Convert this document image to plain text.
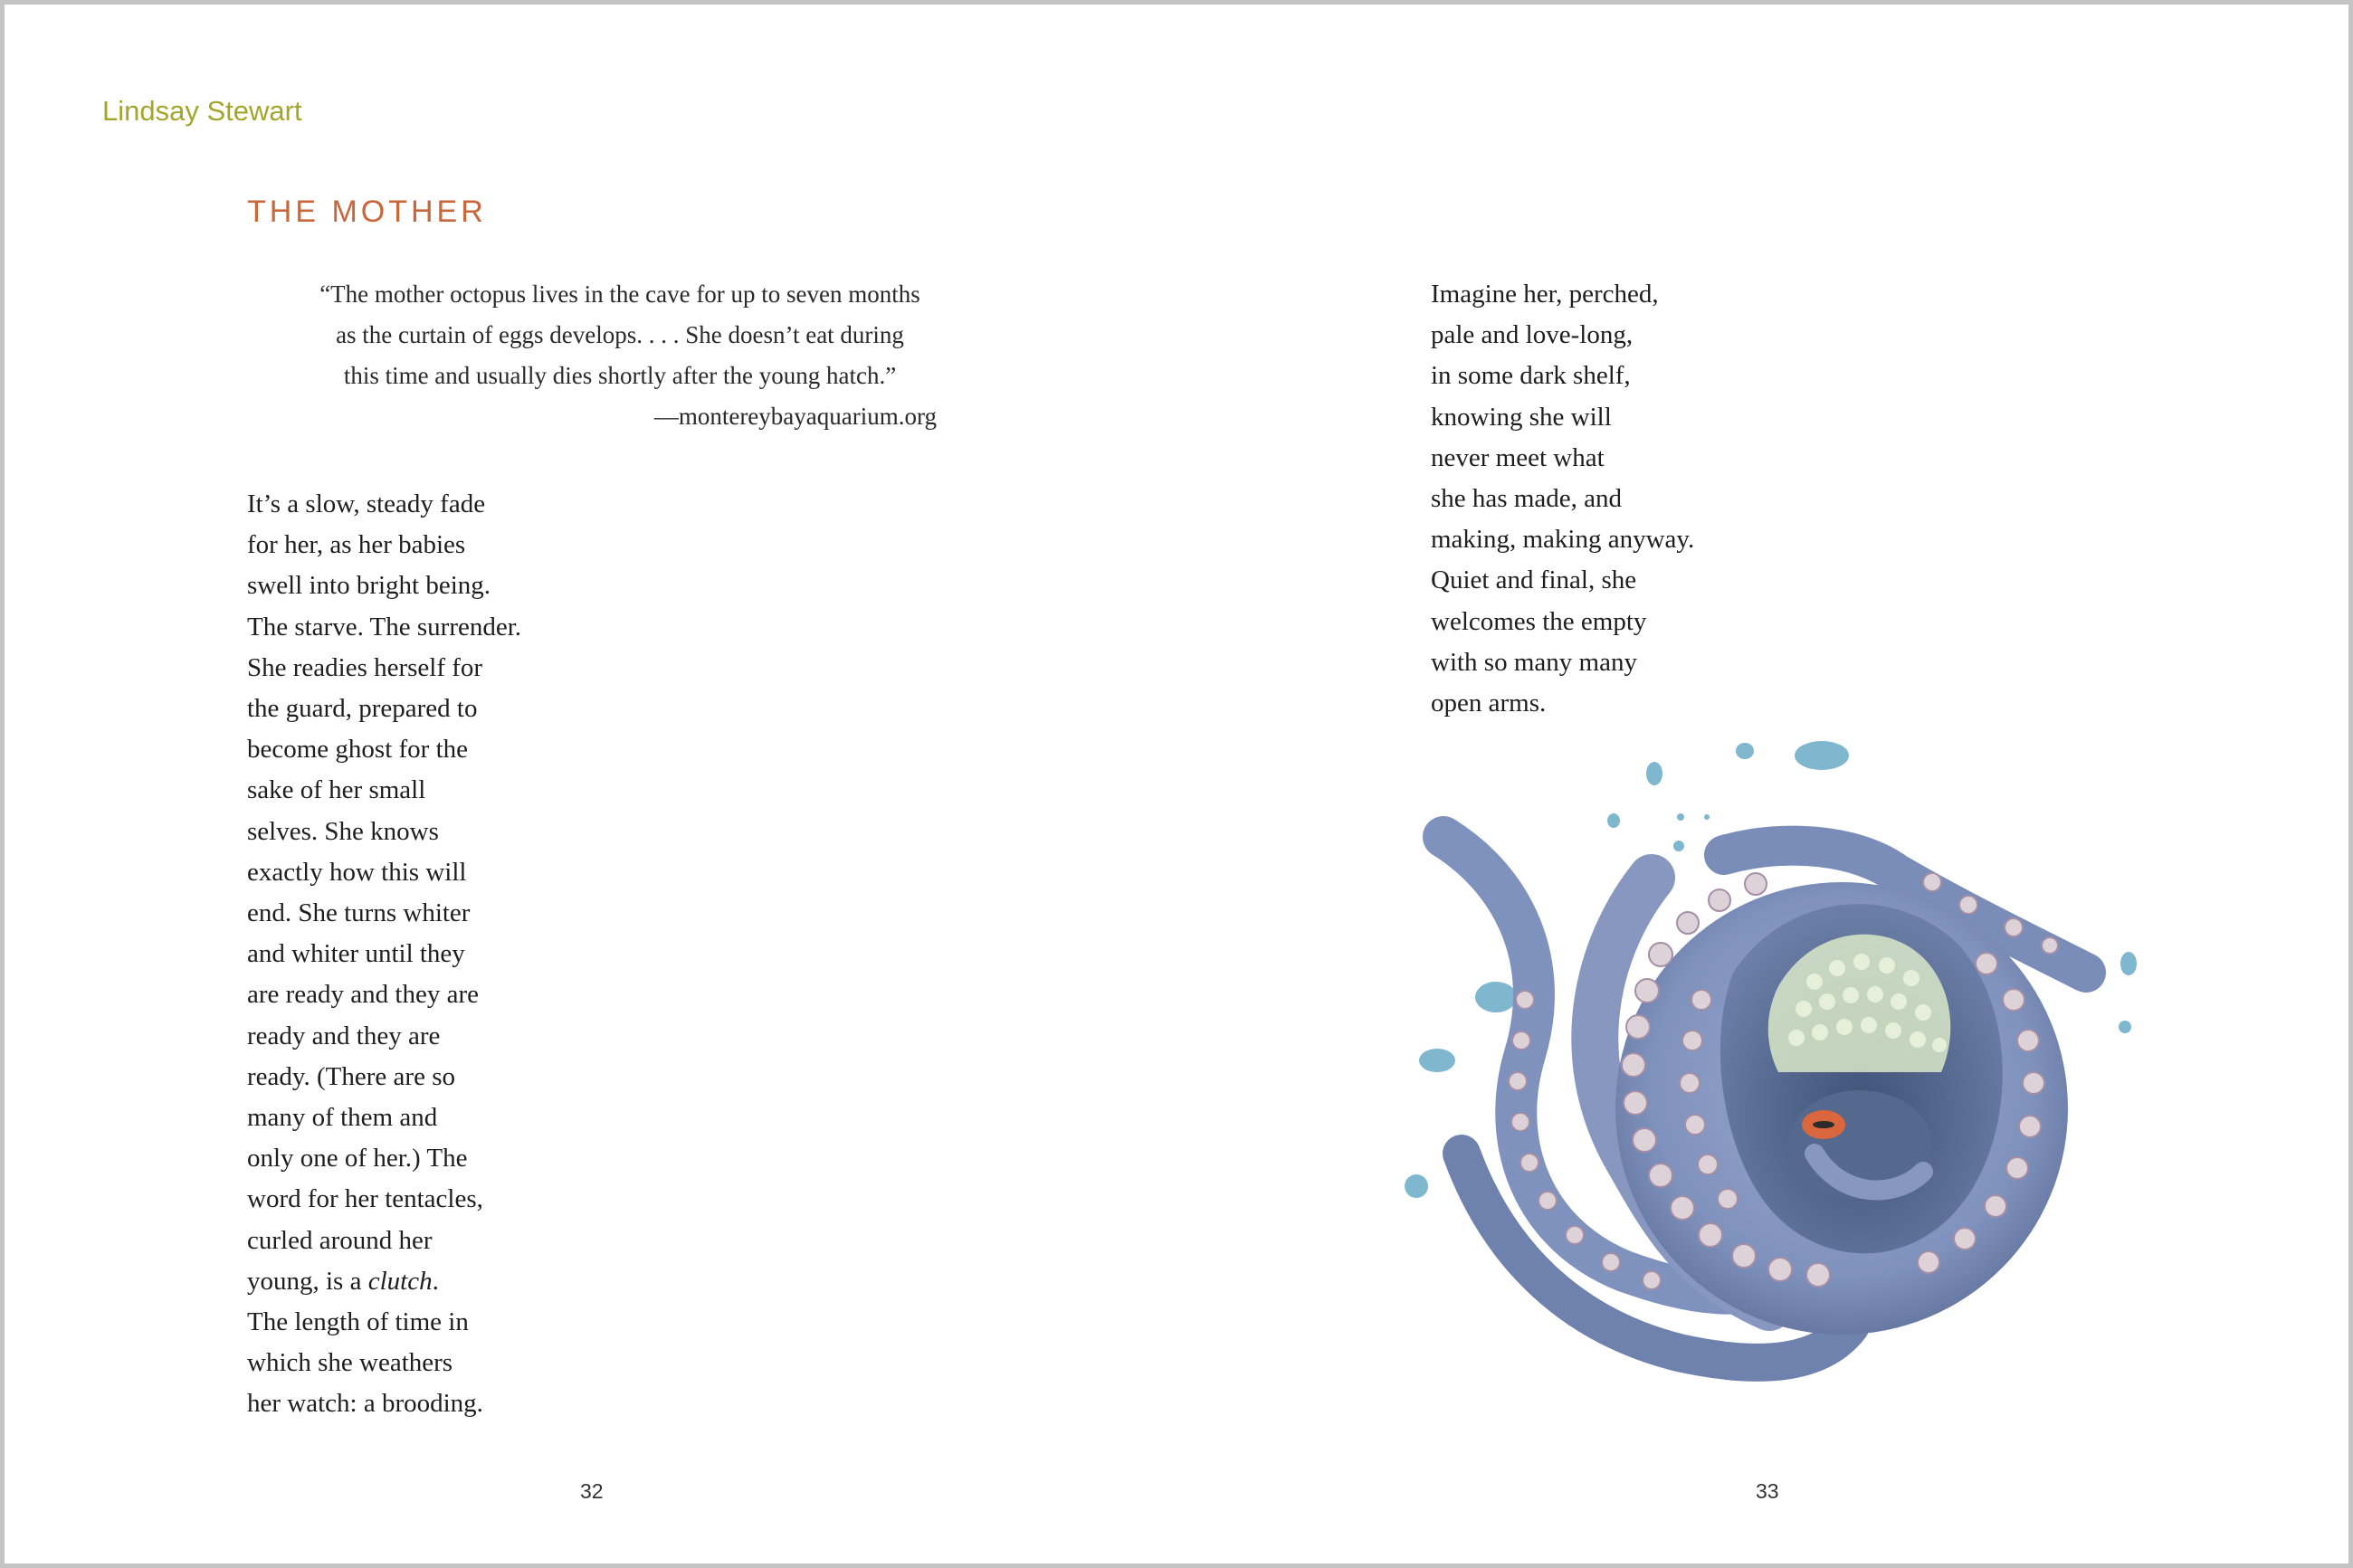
Lindsay Stewart

THE MOTHER
“The mother octopus lives in the cave for up to seven months
as the curtain of eggs develops. . . . She doesn’t eat during
this time and usually dies shortly after the young hatch.”
—montereybayaquarium.org
It’s a slow, steady fade
for her, as her babies
swell into bright being.
The starve. The surrender.
She readies herself for
the guard, prepared to
become ghost for the
sake of her small
selves. She knows
exactly how this will
end. She turns whiter
and whiter until they
are ready and they are
ready and they are
ready. (There are so
many of them and
only one of her.) The
word for her tentacles,
curled around her
young, is a clutch.
The length of time in
which she weathers
her watch: a brooding.
Imagine her, perched,
pale and love-long,
in some dark shelf,
knowing she will
never meet what
she has made, and
making, making anyway.
Quiet and final, she
welcomes the empty
with so many many
open arms.

32	33
